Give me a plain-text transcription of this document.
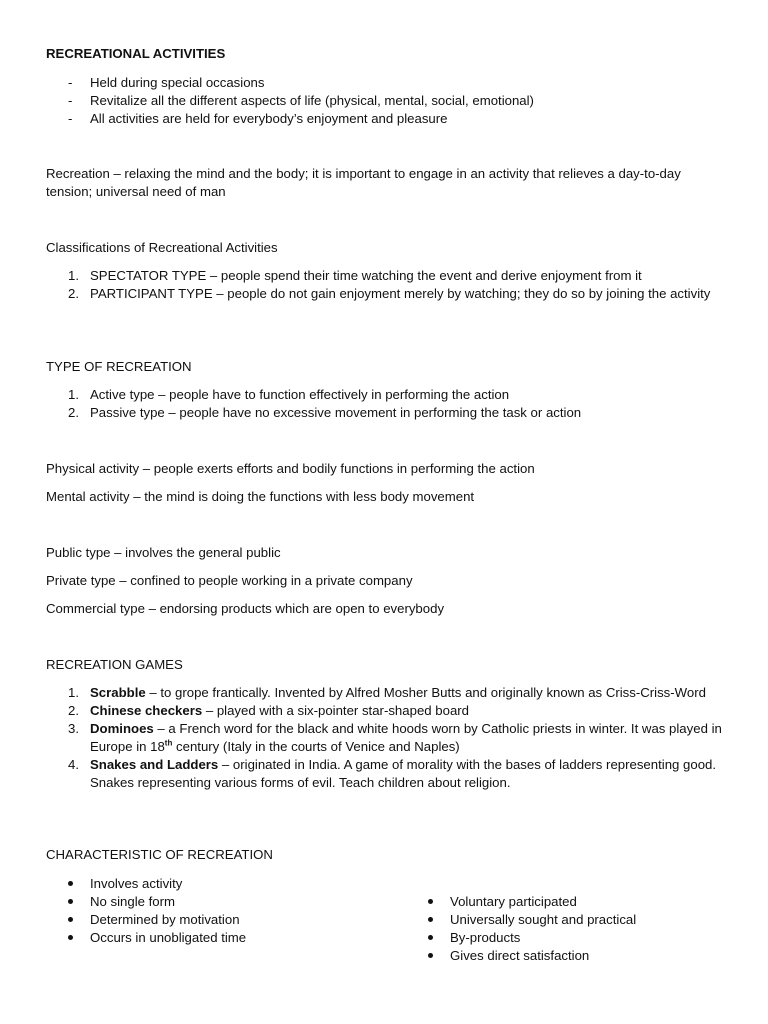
RECREATIONAL ACTIVITIES
- Held during special occasions
- Revitalize all the different aspects of life (physical, mental, social, emotional)
- All activities are held for everybody’s enjoyment and pleasure
Recreation – relaxing the mind and the body; it is important to engage in an activity that relieves a day-to-day tension; universal need of man
Classifications of Recreational Activities
1. SPECTATOR TYPE – people spend their time watching the event and derive enjoyment from it
2. PARTICIPANT TYPE – people do not gain enjoyment merely by watching; they do so by joining the activity
TYPE OF RECREATION
1. Active type – people have to function effectively in performing the action
2. Passive type – people have no excessive movement in performing the task or action
Physical activity – people exerts efforts and bodily functions in performing the action
Mental activity – the mind is doing the functions with less body movement
Public type – involves the general public
Private type – confined to people working in a private company
Commercial type – endorsing products which are open to everybody
RECREATION GAMES
1. Scrabble – to grope frantically. Invented by Alfred Mosher Butts and originally known as Criss-Criss-Word
2. Chinese checkers – played with a six-pointer star-shaped board
3. Dominoes – a French word for the black and white hoods worn by Catholic priests in winter. It was played in Europe in 18th century (Italy in the courts of Venice and Naples)
4. Snakes and Ladders – originated in India. A game of morality with the bases of ladders representing good. Snakes representing various forms of evil. Teach children about religion.
CHARACTERISTIC OF RECREATION
Involves activity
No single form
Determined by motivation
Occurs in unobligated time
Voluntary participated
Universally sought and practical
By-products
Gives direct satisfaction
